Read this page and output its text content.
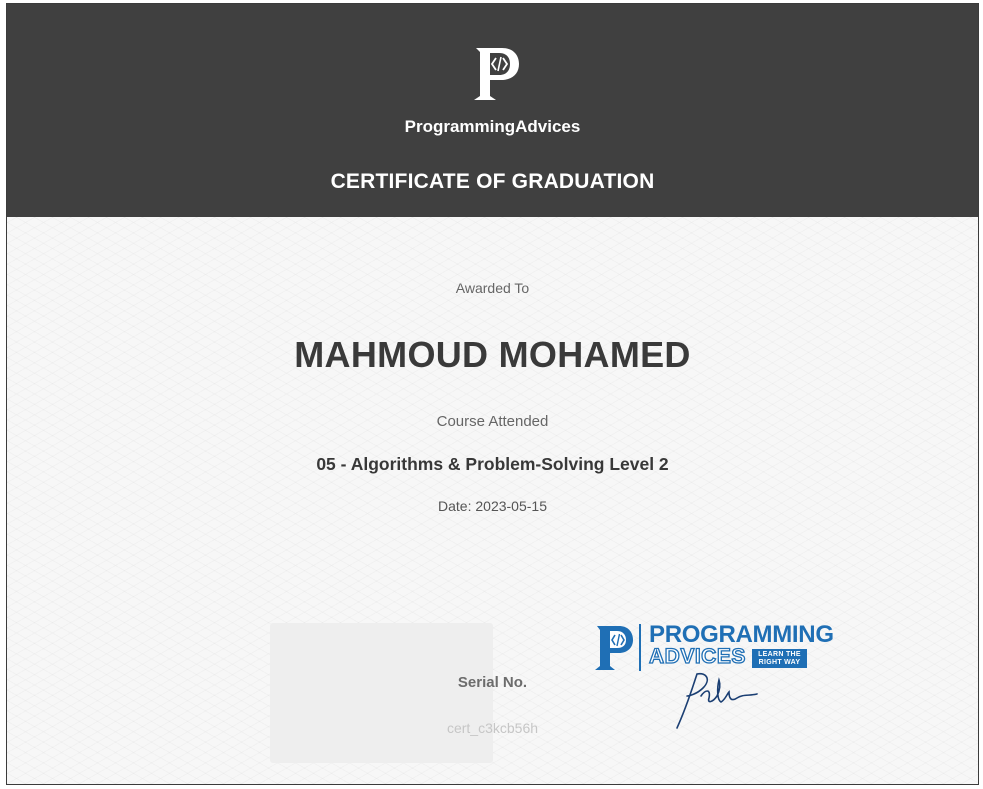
ProgrammingAdvices
CERTIFICATE OF GRADUATION
Awarded To
MAHMOUD MOHAMED
Course Attended
05 - Algorithms & Problem-Solving Level 2
Date: 2023-05-15
Serial No.
cert_c3kcb56h
PROGRAMMING
ADVICES	LEARN THE
RIGHT WAY
